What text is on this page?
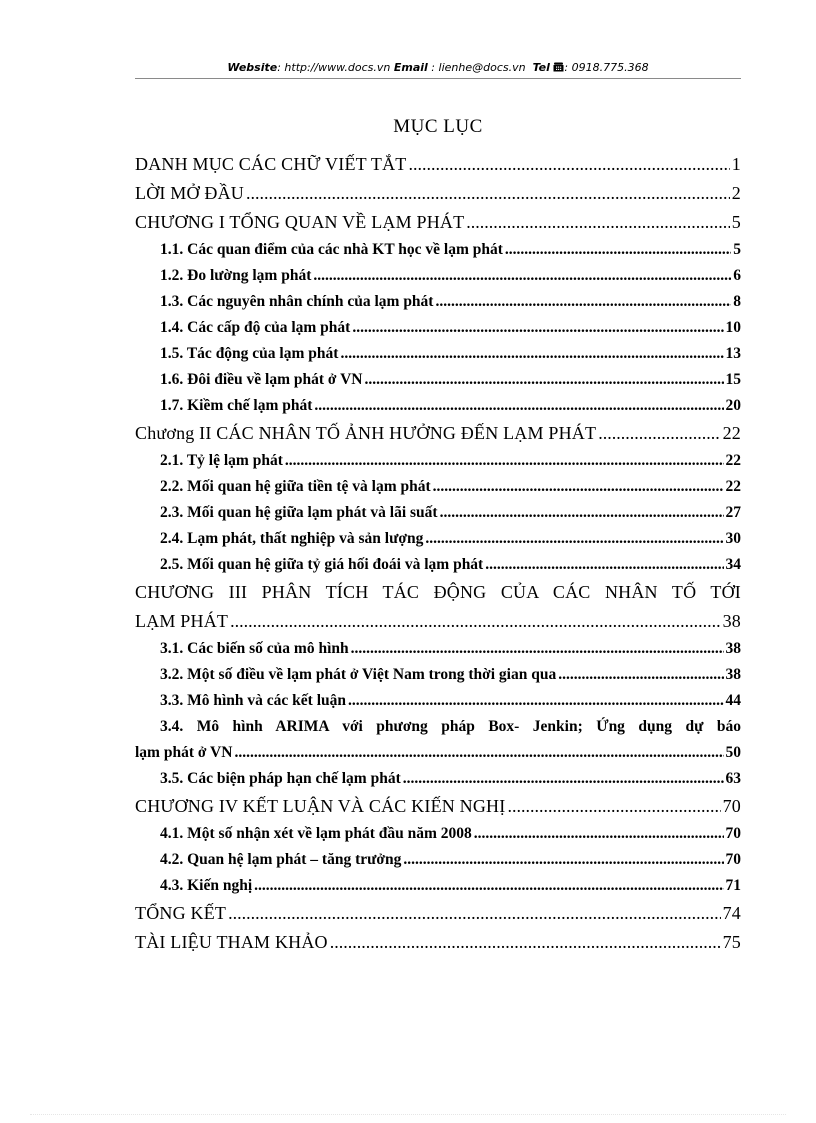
Website: http://www.docs.vn Email : lienhe@docs.vn Tel : 0918.775.368
MỤC LỤC
DANH MỤC CÁC CHỮ VIẾT TẮT .....	1
LỜI MỞ ĐẦU .....	2
CHƯƠNG I TỔNG QUAN VỀ LẠM PHÁT .....	5
1.1. Các quan điểm của các nhà KT học về lạm phát .....	5
1.2. Đo lường lạm phát .....	6
1.3. Các nguyên nhân chính của lạm phát .....	8
1.4. Các cấp độ của lạm phát .....	10
1.5. Tác động của lạm phát .....	13
1.6. Đôi điều về lạm phát ở VN .....	15
1.7. Kiềm chế lạm phát .....	20
Chương II CÁC NHÂN TỐ ẢNH HƯỞNG ĐẾN LẠM PHÁT .....	22
2.1. Tỷ lệ lạm phát .....	22
2.2. Mối quan hệ giữa tiền tệ và lạm phát .....	22
2.3. Mối quan hệ giữa lạm phát và lãi suất .....	27
2.4. Lạm phát, thất nghiệp và sản lượng .....	30
2.5. Mối quan hệ giữa tỷ giá hối đoái và lạm phát .....	34
CHƯƠNG III PHÂN TÍCH TÁC ĐỘNG CỦA CÁC NHÂN TỐ TỚI
LẠM PHÁT .....	38
3.1. Các biến số của mô hình .....	38
3.2. Một số điều về lạm phát ở Việt Nam trong thời gian qua .....	38
3.3. Mô hình và các kết luận .....	44
3.4. Mô hình ARIMA với phương pháp Box- Jenkin; Ứng dụng dự báo
lạm phát ở VN .....	50
3.5. Các biện pháp hạn chế lạm phát .....	63
CHƯƠNG IV KẾT LUẬN VÀ CÁC KIẾN NGHỊ .....	70
4.1. Một số nhận xét về lạm phát đầu năm 2008 .....	70
4.2. Quan hệ lạm phát – tăng trưởng .....	70
4.3. Kiến nghị .....	71
TỔNG KẾT .....	74
TÀI LIỆU THAM KHẢO .....	75
